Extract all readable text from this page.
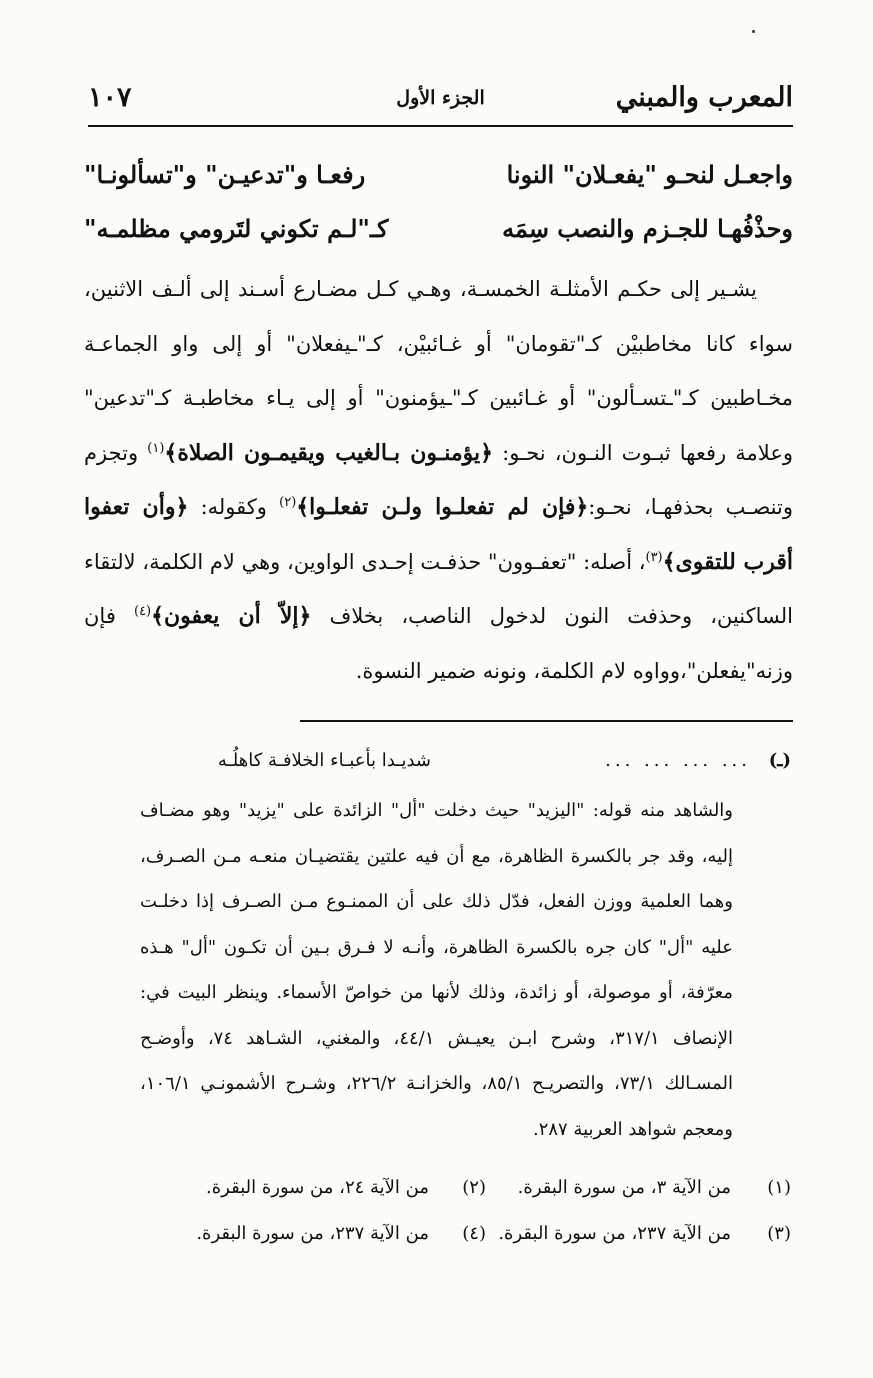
المعرب والمبني
الجزء الأول
١٠٧
واجعـل لنحـو "يفعـلان" النونا
رفعـا و"تدعيـن" و"تسألونـا"
وحذْفُهـا للجـزم والنصب سِمَه
كـ"لـم تكوني لتَرومي مظلمـه"

يشـير إلى حكـم الأمثلـة الخمسـة، وهـي كـل مضـارع أسـند إلى ألـف الاثنين، سواء كانا مخاطبيْن كـ"تقومان" أو غـائبيْن، كـ"ـيفعلان" أو إلى واو الجماعـة مخـاطبين كـ"ـتسـألون" أو غـائبين كـ"ـيؤمنون" أو إلى يـاء مخاطبـة كـ"تدعين" وعلامة رفعها ثبـوت النـون، نحـو: ﴿يؤمنـون بـالغيب ويقيمـون الصلاة﴾$^{(١)}$ وتجزم وتنصـب بحذفهـا، نحـو:﴿فإن لم تفعلـوا ولـن تفعلـوا﴾$^{(٢)}$ وكقوله: ﴿وأن تعفوا أقرب للتقوى﴾$^{(٣)}$، أصله: "تعفـوون" حذفـت إحـدى الواوين، وهي لام الكلمة، لالتقاء الساكنين، وحذفت النون لدخول الناصب، بخلاف ﴿إلاّ أن يعفون﴾$^{(٤)}$ فإن وزنه"يفعلن"،وواوه لام الكلمة، ونونه ضمير النسوة.

(ـ)
... ... ... ...
شديـدا بأعبـاء الخلافـة كاهلُـه

والشاهد منه قوله: "اليزيد" حيث دخلت "أل" الزائدة على "يزيد" وهو مضـاف إليه، وقد جر بالكسرة الظاهرة، مع أن فيه علتين يقتضيـان منعـه مـن الصـرف، وهما العلمية ووزن الفعل، فدّل ذلك على أن الممنـوع مـن الصـرف إذا دخلـت عليه "أل" كان جره بالكسرة الظاهرة، وأنـه لا فـرق بـين أن تكـون "أل" هـذه معرّفة، أو موصولة، أو زائدة، وذلك لأنها من خواصّ الأسماء. وينظر البيت في: الإنصاف ٣١٧/١، وشرح ابـن يعيـش ٤٤/١، والمغني، الشـاهد ٧٤، وأوضـح المسـالك ٧٣/١، والتصريـح ٨٥/١، والخزانـة ٢٢٦/٢، وشـرح الأشمونـي ١٠٦/١، ومعجم شواهد العربية ٢٨٧.

(١)
من الآية ٣، من سورة البقرة.
(٢)
من الآية ٢٤، من سورة البقرة.
(٣)
من الآية ٢٣٧، من سورة البقرة.
(٤)
من الآية ٢٣٧، من سورة البقرة.
